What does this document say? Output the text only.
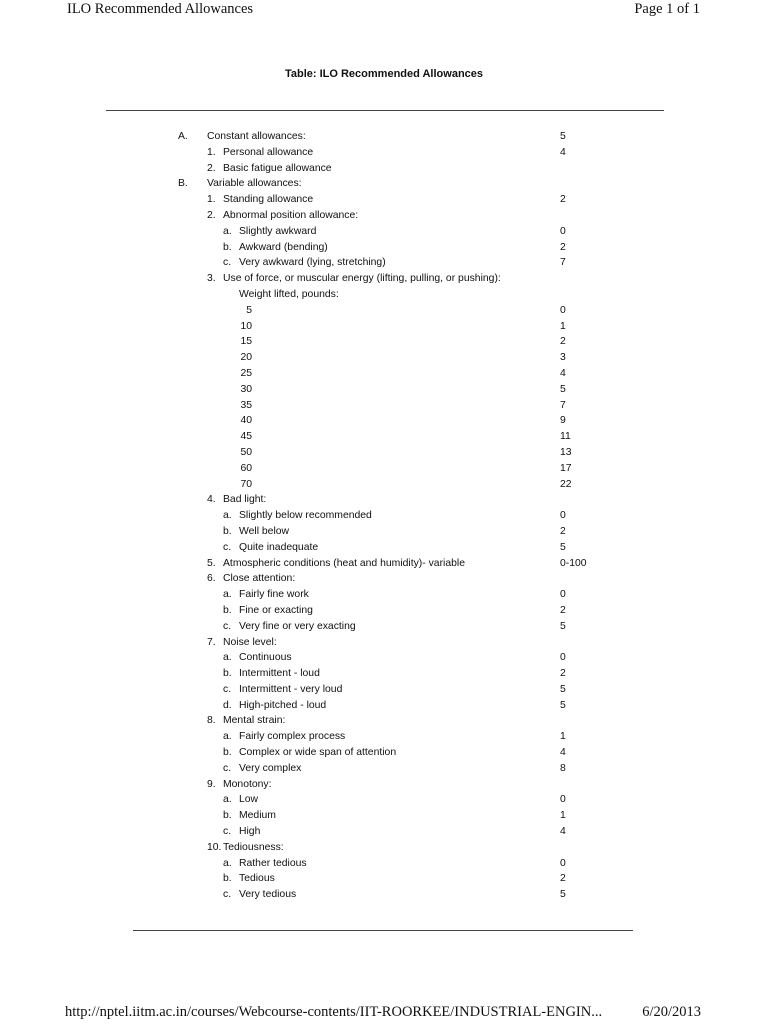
ILO Recommended Allowances	Page 1 of 1
Table: ILO Recommended Allowances
A. Constant allowances:	5
1. Personal allowance	4
2. Basic fatigue allowance
B. Variable allowances:
1. Standing allowance	2
2. Abnormal position allowance:
a. Slightly awkward	0
b. Awkward (bending)	2
c. Very awkward (lying, stretching)	7
3. Use of force, or muscular energy (lifting, pulling, or pushing):
Weight lifted, pounds:
5	0
10	1
15	2
20	3
25	4
30	5
35	7
40	9
45	11
50	13
60	17
70	22
4. Bad light:
a. Slightly below recommended	0
b. Well below	2
c. Quite inadequate	5
5. Atmospheric conditions (heat and humidity)- variable	0-100
6. Close attention:
a. Fairly fine work	0
b. Fine or exacting	2
c. Very fine or very exacting	5
7. Noise level:
a. Continuous	0
b. Intermittent - loud	2
c. Intermittent - very loud	5
d. High-pitched - loud	5
8. Mental strain:
a. Fairly complex process	1
b. Complex or wide span of attention	4
c. Very complex	8
9. Monotony:
a. Low	0
b. Medium	1
c. High	4
10. Tediousness:
a. Rather tedious	0
b. Tedious	2
c. Very tedious	5
http://nptel.iitm.ac.in/courses/Webcourse-contents/IIT-ROORKEE/INDUSTRIAL-ENGIN...	6/20/2013
